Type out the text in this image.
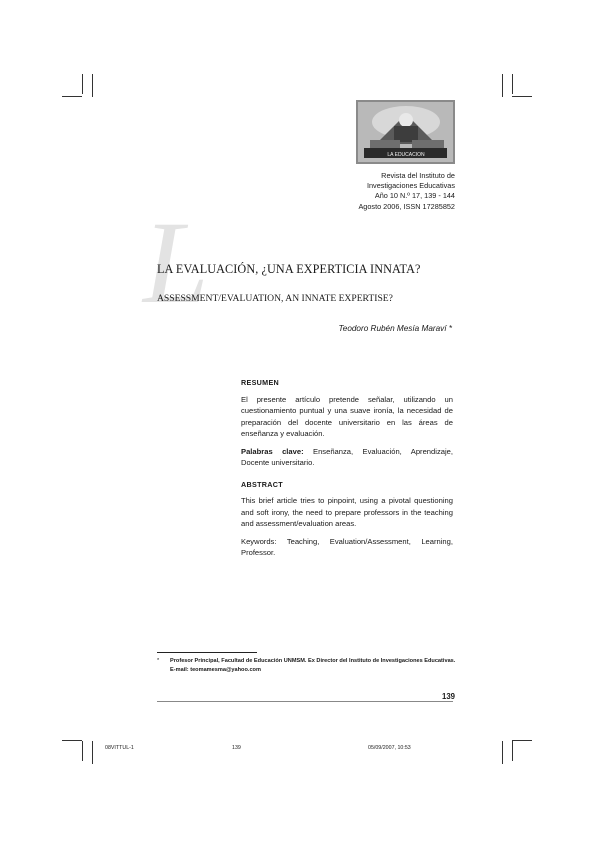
LA EDUCACION
Revista del Instituto de
Investigaciones Educativas
Año 10 N.º 17, 139 - 144
Agosto 2006, ISSN 17285852
L
LA EVALUACIÓN, ¿UNA EXPERTICIA INNATA?
ASSESSMENT/EVALUATION, AN INNATE EXPERTISE?
Teodoro Rubén Mesía Maraví *
RESUMEN
El presente artículo pretende señalar, utilizando un cuestionamiento puntual y una suave ironía, la necesidad de preparación del docente universitario en las áreas de enseñanza y evaluación.
Palabras clave: Enseñanza, Evaluación, Aprendizaje, Docente universitario.
ABSTRACT
This brief article tries to pinpoint, using a pivotal questioning and soft irony, the need to prepare professors in the teaching and assessment/evaluation areas.
Keywords: Teaching, Evaluation/Assessment, Learning, Professor.
* Profesor Principal, Facultad de Educación UNMSM. Ex Director del Instituto de Investigaciones Educativas.
E-mail: teomamesma@yahoo.com
139
08VITTUL-1	139	05/09/2007, 10:53
